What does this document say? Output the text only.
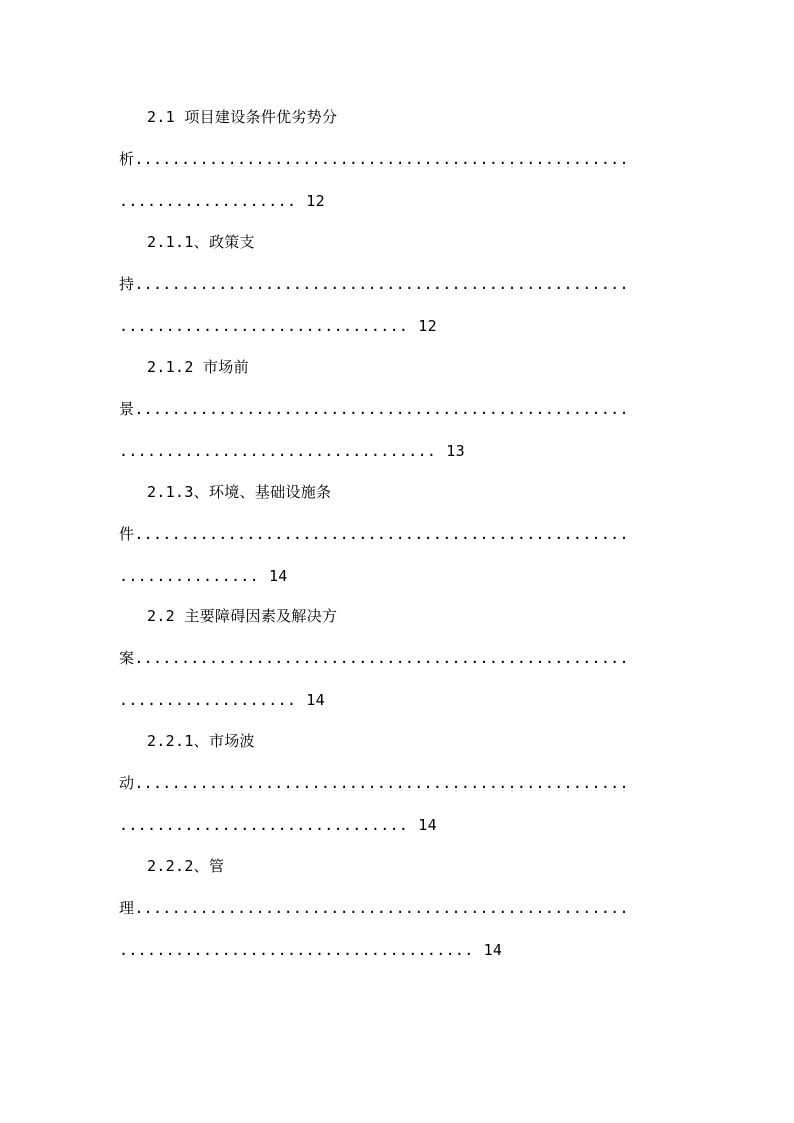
2.1 项目建设条件优劣势分
析.....................................................
................... 12
2.1.1、政策支
持.....................................................
............................... 12
2.1.2 市场前
景.....................................................
.................................. 13
2.1.3、环境、基础设施条
件.....................................................
............... 14
2.2 主要障碍因素及解决方
案.....................................................
................... 14
2.2.1、市场波
动.....................................................
............................... 14
2.2.2、管
理.....................................................
...................................... 14
